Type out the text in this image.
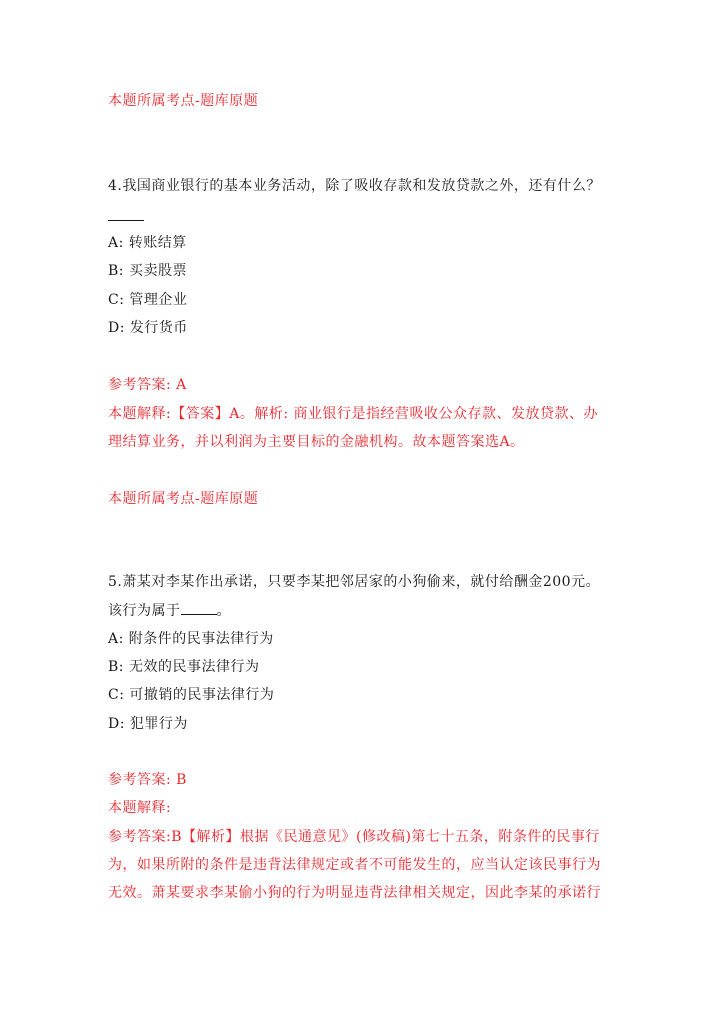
本题所属考点-题库原题
4.我国商业银行的基本业务活动，除了吸收存款和发放贷款之外，还有什么？
A: 转账结算
B: 买卖股票
C: 管理企业
D: 发行货币
参考答案: A
本题解释:【答案】A。解析: 商业银行是指经营吸收公众存款、发放贷款、办
理结算业务，并以利润为主要目标的金融机构。故本题答案选A。
本题所属考点-题库原题
5.萧某对李某作出承诺，只要李某把邻居家的小狗偷来，就付给酬金200元。
该行为属于	。
A: 附条件的民事法律行为
B: 无效的民事法律行为
C: 可撤销的民事法律行为
D: 犯罪行为
参考答案: B
本题解释:
参考答案:B【解析】根据《民通意见》(修改稿)第七十五条，附条件的民事行
为，如果所附的条件是违背法律规定或者不可能发生的，应当认定该民事行为
无效。萧某要求李某偷小狗的行为明显违背法律相关规定，因此李某的承诺行
